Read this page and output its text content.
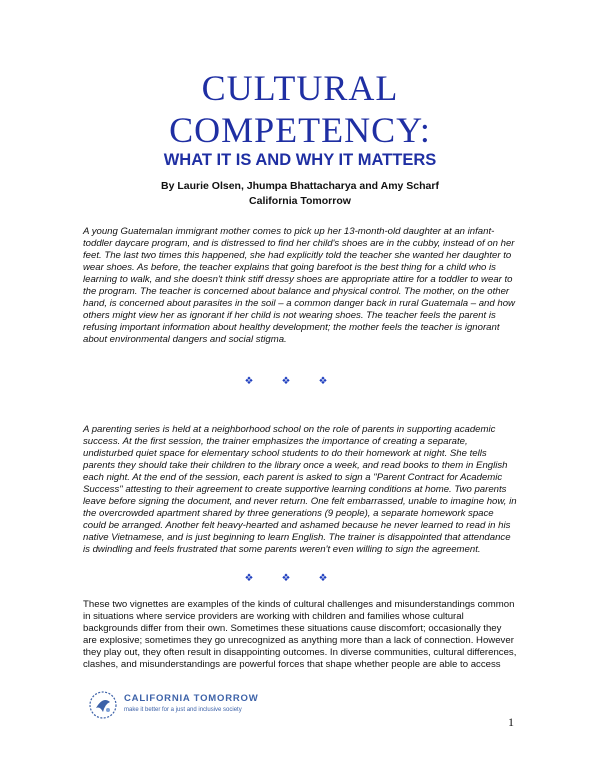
CULTURAL
COMPETENCY:
WHAT IT IS AND WHY IT MATTERS
By Laurie Olsen, Jhumpa Bhattacharya and Amy Scharf
California Tomorrow

A young Guatemalan immigrant mother comes to pick up her 13-month-old daughter at an infant-toddler daycare program, and is distressed to find her child's shoes are in the cubby, instead of on her feet. The last two times this happened, she had explicitly told the teacher she wanted her daughter to wear shoes. As before, the teacher explains that going barefoot is the best thing for a child who is learning to walk, and she doesn't think stiff dressy shoes are appropriate attire for a toddler to wear to the program. The teacher is concerned about balance and physical control. The mother, on the other hand, is concerned about parasites in the soil – a common danger back in rural Guatemala – and how others might view her as ignorant if her child is not wearing shoes. The teacher feels the parent is refusing important information about healthy development; the mother feels the teacher is ignorant about environmental dangers and social stigma.

❖❖❖

A parenting series is held at a neighborhood school on the role of parents in supporting academic success. At the first session, the trainer emphasizes the importance of creating a separate, undisturbed quiet space for elementary school students to do their homework at night. She tells parents they should take their children to the library once a week, and read books to them in English each night. At the end of the session, each parent is asked to sign a "Parent Contract for Academic Success" attesting to their agreement to create supportive learning conditions at home. Two parents leave before signing the document, and never return. One felt embarrassed, unable to imagine how, in the overcrowded apartment shared by three generations (9 people), a separate homework space could be arranged. Another felt heavy-hearted and ashamed because he never learned to read in his native Vietnamese, and is just beginning to learn English. The trainer is disappointed that attendance is dwindling and feels frustrated that some parents weren't even willing to sign the agreement.

❖❖❖

These two vignettes are examples of the kinds of cultural challenges and misunderstandings common in situations where service providers are working with children and families whose cultural backgrounds differ from their own. Sometimes these situations cause discomfort; occasionally they are explosive; sometimes they go unrecognized as anything more than a lack of connection. However they play out, they often result in disappointing outcomes. In diverse communities, cultural differences, clashes, and misunderstandings are powerful forces that shape whether people are able to access

CALIFORNIA TOMORROW
make it better for a just and inclusive society
1
